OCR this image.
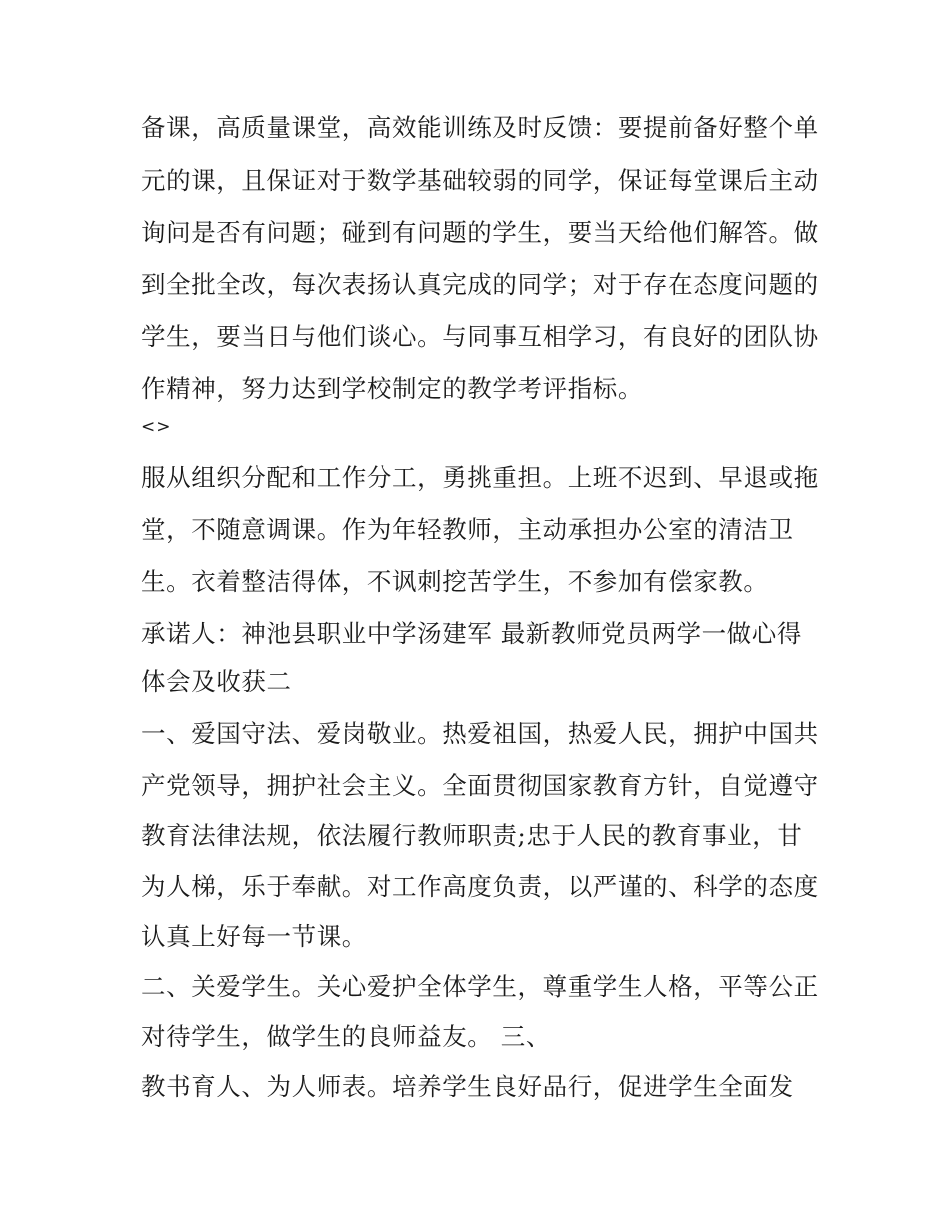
备课，高质量课堂，高效能训练及时反馈：要提前备好整个单
元的课，且保证对于数学基础较弱的同学，保证每堂课后主动
询问是否有问题；碰到有问题的学生，要当天给他们解答。做
到全批全改，每次表扬认真完成的同学；对于存在态度问题的
学生，要当日与他们谈心。与同事互相学习，有良好的团队协
作精神，努力达到学校制定的教学考评指标。
<>
服从组织分配和工作分工，勇挑重担。上班不迟到、早退或拖
堂，不随意调课。作为年轻教师，主动承担办公室的清洁卫
生。衣着整洁得体，不讽刺挖苦学生，不参加有偿家教。
承诺人：神池县职业中学汤建军 最新教师党员两学一做心得
体会及收获二
一、爱国守法、爱岗敬业。热爱祖国，热爱人民，拥护中国共
产党领导，拥护社会主义。全面贯彻国家教育方针，自觉遵守
教育法律法规，依法履行教师职责;忠于人民的教育事业，甘
为人梯，乐于奉献。对工作高度负责，以严谨的、科学的态度
认真上好每一节课。
二、关爱学生。关心爱护全体学生，尊重学生人格，平等公正
对待学生，做学生的良师益友。 三、
教书育人、为人师表。培养学生良好品行，促进学生全面发
